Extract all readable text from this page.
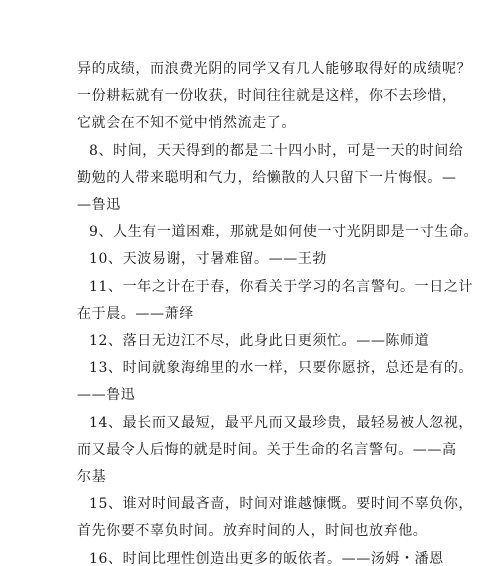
异的成绩，而浪费光阴的同学又有几人能够取得好的成绩呢？
一份耕耘就有一份收获，时间往往就是这样，你不去珍惜，
它就会在不知不觉中悄然流走了。
8、时间，天天得到的都是二十四小时，可是一天的时间给
勤勉的人带来聪明和气力，给懒散的人只留下一片悔恨。—
—鲁迅
9、人生有一道困难，那就是如何使一寸光阴即是一寸生命。
10、天波易谢，寸暑难留。——王勃
11、一年之计在于春，你看关于学习的名言警句。一日之计
在于晨。——萧绎
12、落日无边江不尽，此身此日更须忙。——陈师道
13、时间就象海绵里的水一样，只要你愿挤，总还是有的。
——鲁迅
14、最长而又最短，最平凡而又最珍贵，最轻易被人忽视，
而又最令人后悔的就是时间。关于生命的名言警句。——高
尔基
15、谁对时间最吝啬，时间对谁越慷慨。要时间不辜负你，
首先你要不辜负时间。放弃时间的人，时间也放弃他。
16、时间比理性创造出更多的皈依者。——汤姆・潘恩
